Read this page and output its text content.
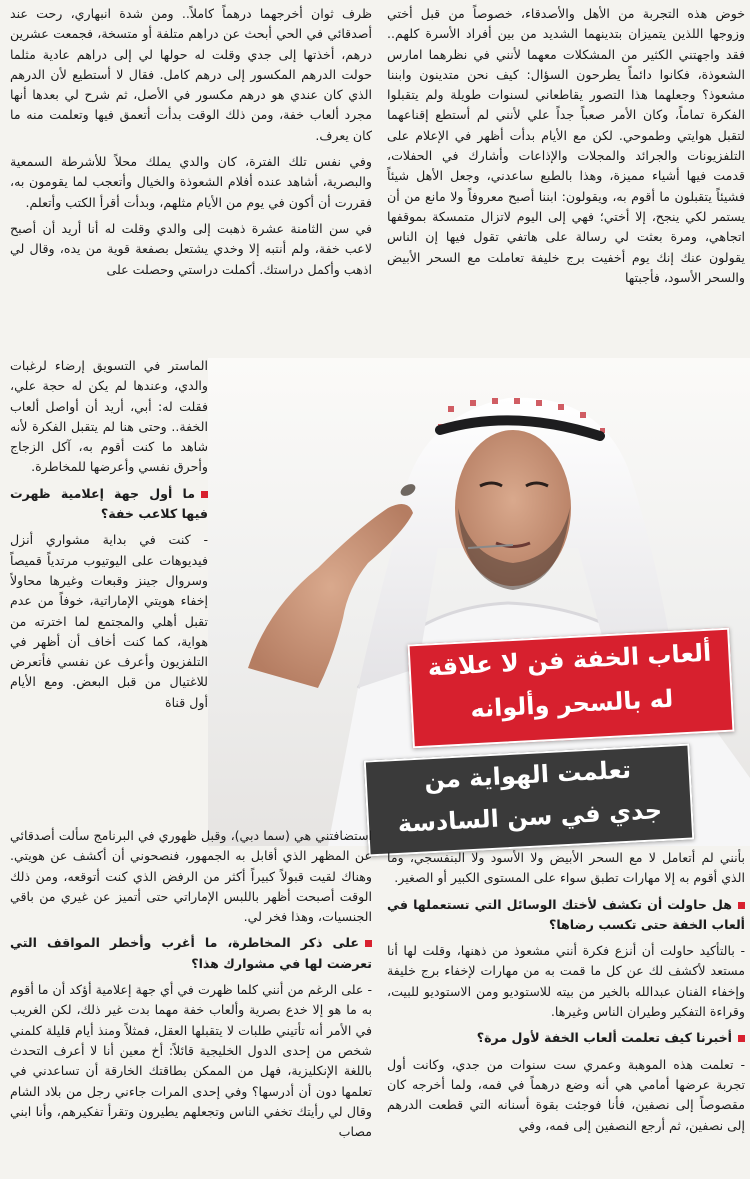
خوض هذه التجربة من الأهل والأصدقاء، خصوصاً من قبل أختي وزوجها اللذين يتميزان بتدينهما الشديد من بين أفراد الأسرة كلهم.. فقد واجهتني الكثير من المشكلات معهما لأنني في نظرهما امارس الشعوذة، فكانوا دائماً يطرحون السؤال: كيف نحن متدينون وابننا مشعوذ؟ وجعلهما هذا التصور يقاطعاني لسنوات طويلة ولم يتقبلوا الفكرة تماماً، وكان الأمر صعباً جداً علي لأنني لم أستطع إقناعهما لتقبل هوايتي وطموحي. لكن مع الأيام بدأت أظهر في الإعلام على التلفزيونات والجرائد والمجلات والإذاعات وأشارك في الحفلات، قدمت فيها أشياء مميزة، وهذا بالطبع ساعدني، وجعل الأهل شيئاً فشيئاً يتقبلون ما أقوم به، ويقولون: ابننا أصبح معروفاً ولا مانع من أن يستمر لكي ينجح، إلا أختي؛ فهي إلى اليوم لاتزال متمسكة بموقفها اتجاهي، ومرة بعثت لي رسالة على هاتفي تقول فيها إن الناس يقولون عنك إنك يوم أخفيت برج خليفة تعاملت مع السحر الأبيض والسحر الأسود، فأجبتها

ظرف ثوان أخرجهما درهماً كاملاً.. ومن شدة انبهاري، رحت عند أصدقائي في الحي أبحث عن دراهم متلفة أو متسخة، فجمعت عشرين درهم، أخذتها إلى جدي وقلت له حولها لي إلى دراهم عادية مثلما حولت الدرهم المكسور إلى درهم كامل. فقال لا أستطيع لأن الدرهم الذي كان عندي هو درهم مكسور في الأصل، ثم شرح لي بعدها أنها مجرد ألعاب خفة، ومن ذلك الوقت بدأت أتعمق فيها وتعلمت منه ما كان يعرف.

وفي نفس تلك الفترة، كان والدي يملك محلاً للأشرطة السمعية والبصرية، أشاهد عنده أفلام الشعوذة والخيال وأتعجب لما يقومون به، فقررت أن أكون في يوم من الأيام مثلهم، وبدأت أقرأ الكتب وأتعلم.

في سن الثامنة عشرة ذهبت إلى والدي وقلت له أنا أريد أن أصبح لاعب خفة، ولم أنتبه إلا وخدي يشتعل بصفعة قوية من يده، وقال لي اذهب وأكمل دراستك. أكملت دراستي وحصلت على

الماستر في التسويق إرضاء لرغبات والدي، وعندها لم يكن له حجة علي، فقلت له: أبي، أريد أن أواصل ألعاب الخفة.. وحتى هنا لم يتقبل الفكرة لأنه شاهد ما كنت أقوم به، آكل الزجاج وأحرق نفسي وأعرضها للمخاطرة.

ما أول جهة إعلامية ظهرت فيها كلاعب خفة؟

- كنت في بداية مشواري أنزل فيديوهات على اليوتيوب مرتدياً قميصاً وسروال جينز وقبعات وغيرها محاولاً إخفاء هويتي الإماراتية، خوفاً من عدم تقبل أهلي والمجتمع لما اخترته من هواية، كما كنت أخاف أن أظهر في التلفزيون وأعرف عن نفسي فأتعرض للاغتيال من قبل البعض. ومع الأيام أول قناة

ألعاب الخفة فن لا علاقة
له بالسحر وألوانه
تعلمت الهواية من
جدي في سن السادسة

بأنني لم أتعامل لا مع السحر الأبيض ولا الأسود ولا البنفسجي، وما الذي أقوم به إلا مهارات تطبق سواء على المستوى الكبير أو الصغير.

هل حاولت أن تكشف لأختك الوسائل التي تستعملها في ألعاب الخفة حتى تكسب رضاها؟

- بالتأكيد حاولت أن أنزع فكرة أنني مشعوذ من ذهنها، وقلت لها أنا مستعد لأكشف لك عن كل ما قمت به من مهارات لإخفاء برج خليفة وإخفاء الفنان عبدالله بالخير من بيته للاستوديو ومن الاستوديو للبيت، وقراءة التفكير وطيران الناس وغيرها.

أخبرنا كيف تعلمت ألعاب الخفة لأول مرة؟

- تعلمت هذه الموهبة وعمري ست سنوات من جدي، وكانت أول تجربة عرضها أمامي هي أنه وضع درهماً في فمه، ولما أخرجه كان مقصوصاً إلى نصفين، فأنا فوجئت بقوة أسنانه التي قطعت الدرهم إلى نصفين، ثم أرجع النصفين إلى فمه، وفي

استضافتني هي (سما دبي)، وقبل ظهوري في البرنامج سألت أصدقائي عن المظهر الذي أقابل به الجمهور، فنصحوني أن أكشف عن هويتي. وهناك لقيت قبولاً كبيراً أكثر من الرفض الذي كنت أتوقعه، ومن ذلك الوقت أصبحت أظهر باللبس الإماراتي حتى أتميز عن غيري من باقي الجنسيات، وهذا فخر لي.

على ذكر المخاطرة، ما أغرب وأخطر المواقف التي تعرضت لها في مشوارك هذا؟

- على الرغم من أنني كلما ظهرت في أي جهة إعلامية أؤكد أن ما أقوم به ما هو إلا خدع بصرية وألعاب خفة مهما بدت غير ذلك، لكن الغريب في الأمر أنه تأتيني طلبات لا يتقبلها العقل، فمثلاً ومنذ أيام قليلة كلمني شخص من إحدى الدول الخليجية قائلاً: أخ معين أنا لا أعرف التحدث باللغة الإنكليزية، فهل من الممكن بطاقتك الخارقة أن تساعدني في تعلمها دون أن أدرسها؟ وفي إحدى المرات جاءني رجل من بلاد الشام وقال لي رأيتك تخفي الناس وتجعلهم يطيرون وتقرأ تفكيرهم، وأنا ابني مصاب
